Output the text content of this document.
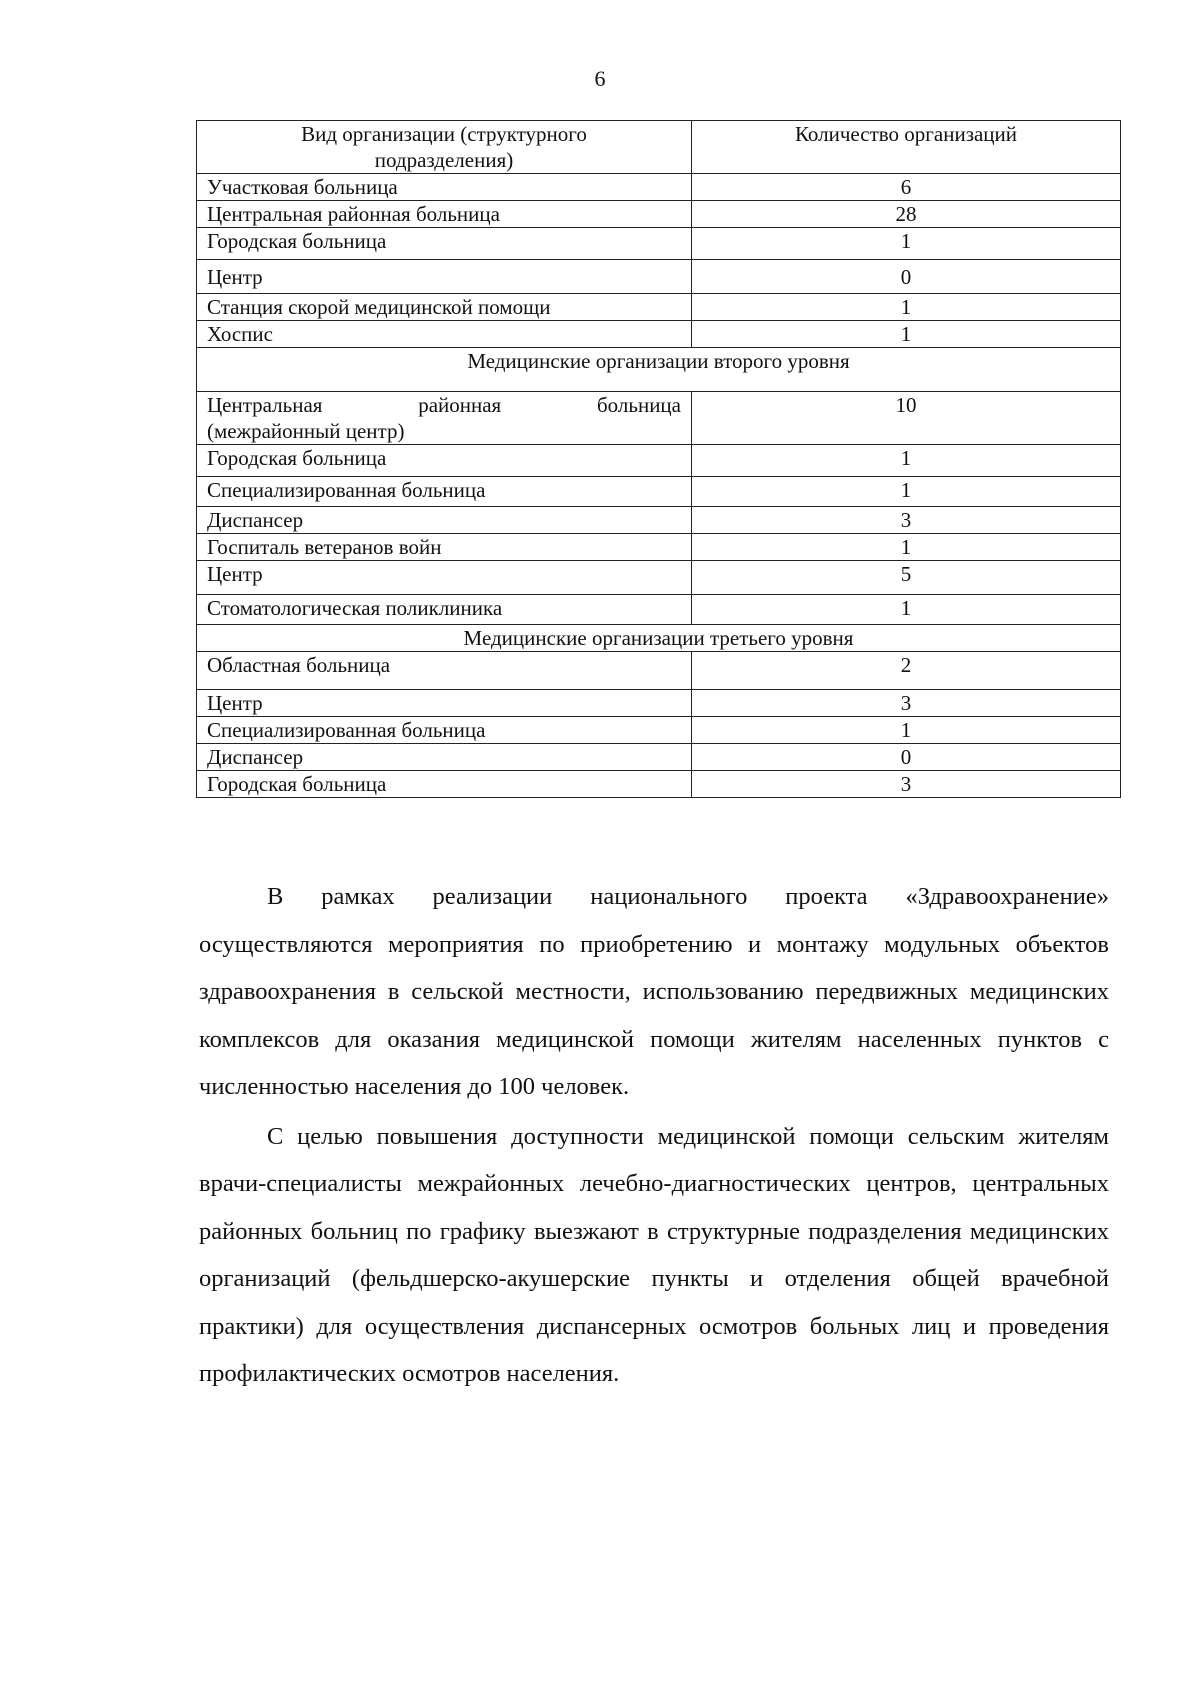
6
Вид организации (структурного подразделения)	Количество организаций
Участковая больница	6
Центральная районная больница	28
Городская больница	1
Центр	0
Станция скорой медицинской помощи	1
Хоспис	1
Медицинские организации второго уровня	

Центральная районная больница
(межрайонный центр)	10
Городская больница	1
Специализированная больница	1
Диспансер	3
Госпиталь ветеранов войн	1
Центр	5
Стоматологическая поликлиника	1
Медицинские организации третьего уровня	
Областная больница	2
Центр	3
Специализированная больница	1
Диспансер	0
Городская больница	3

В рамках реализации национального проекта «Здравоохранение» осуществляются мероприятия по приобретению и монтажу модульных объектов здравоохранения в сельской местности, использованию передвижных медицинских комплексов для оказания медицинской помощи жителям населенных пунктов с численностью населения до 100 человек.

С целью повышения доступности медицинской помощи сельским жителям врачи-специалисты межрайонных лечебно-диагностических центров, центральных районных больниц по графику выезжают в структурные подразделения медицинских организаций (фельдшерско-акушерские пункты и отделения общей врачебной практики) для осуществления диспансерных осмотров больных лиц и проведения профилактических осмотров населения.
